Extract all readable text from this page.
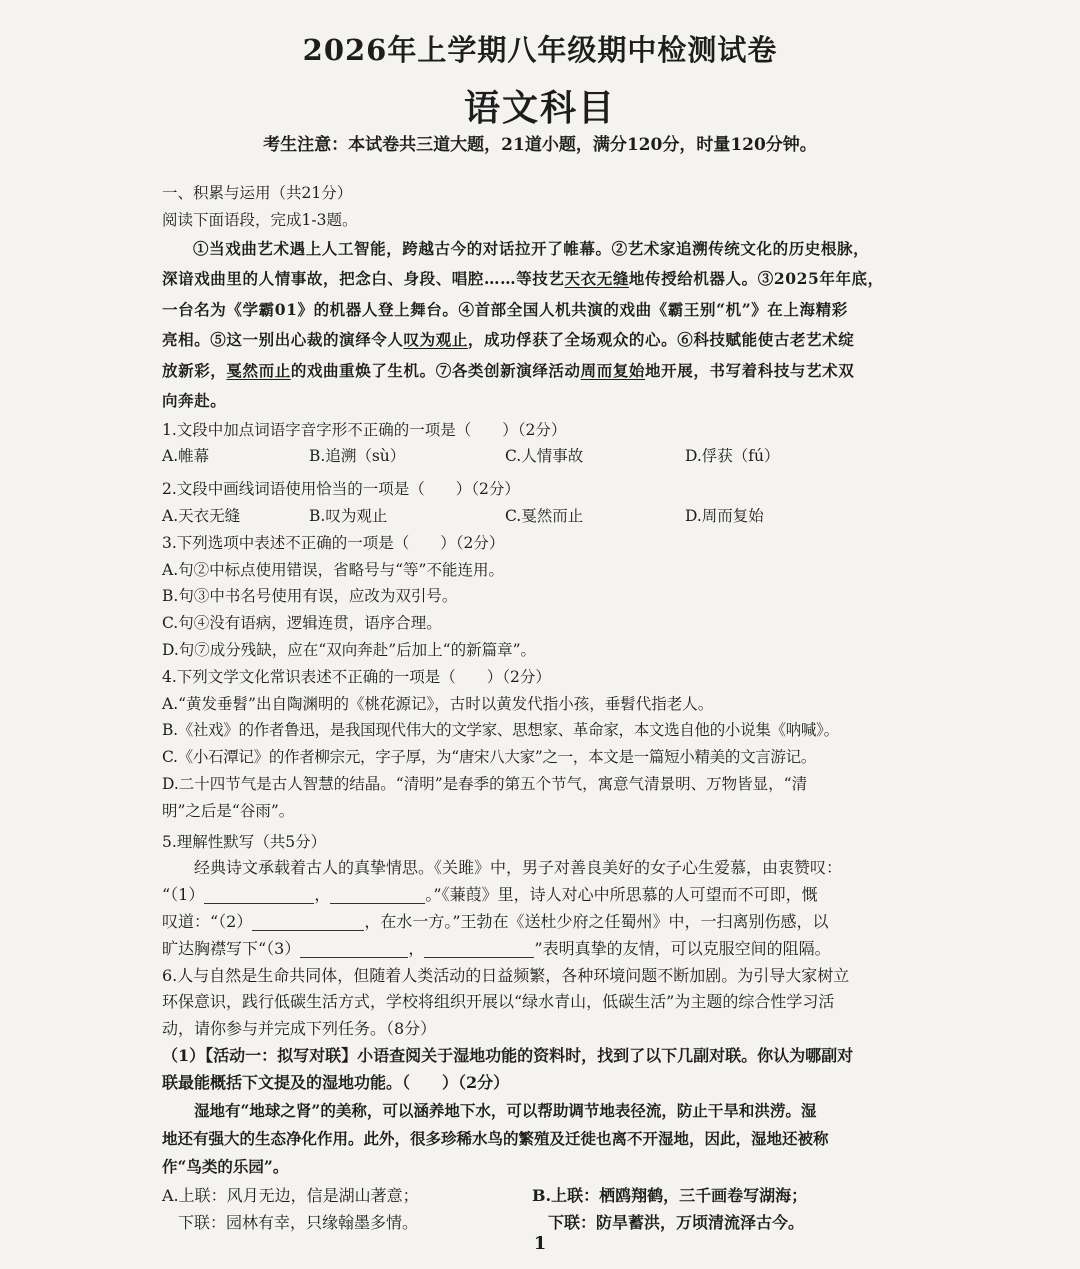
2026年上学期八年级期中检测试卷
语文科目
考生注意：本试卷共三道大题，21道小题，满分120分，时量120分钟。
一、积累与运用（共21分）
阅读下面语段，完成1-3题。
①当戏曲艺术遇上人工智能，跨越古今的对话拉开了帷幕。②艺术家追溯传统文化的历史根脉，
深谙戏曲里的人情事故，把念白、身段、唱腔……等技艺天衣无缝地传授给机器人。③2025年年底，
一台名为《学霸01》的机器人登上舞台。④首部全国人机共演的戏曲《霸王别“机”》在上海精彩
亮相。⑤这一别出心裁的演绎令人叹为观止，成功俘获了全场观众的心。⑥科技赋能使古老艺术绽
放新彩，戛然而止的戏曲重焕了生机。⑦各类创新演绎活动周而复始地开展，书写着科技与艺术双
向奔赴。
1.文段中加点词语字音字形不正确的一项是（　　）（2分）
A.帷幕	B.追溯（sù）	C.人情事故	D.俘获（fú）
2.文段中画线词语使用恰当的一项是（　　）（2分）
A.天衣无缝	B.叹为观止	C.戛然而止	D.周而复始
3.下列选项中表述不正确的一项是（　　）（2分）
A.句②中标点使用错误，省略号与“等”不能连用。
B.句③中书名号使用有误，应改为双引号。
C.句④没有语病，逻辑连贯，语序合理。
D.句⑦成分残缺，应在“双向奔赴”后加上“的新篇章”。
4.下列文学文化常识表述不正确的一项是（　　）（2分）
A.“黄发垂髫”出自陶渊明的《桃花源记》，古时以黄发代指小孩，垂髫代指老人。
B.《社戏》的作者鲁迅，是我国现代伟大的文学家、思想家、革命家，本文选自他的小说集《呐喊》。
C.《小石潭记》的作者柳宗元，字子厚，为“唐宋八大家”之一，本文是一篇短小精美的文言游记。
D.二十四节气是古人智慧的结晶。“清明”是春季的第五个节气，寓意气清景明、万物皆显，“清
明”之后是“谷雨”。
5.理解性默写（共5分）
经典诗文承载着古人的真挚情思。《关雎》中，男子对善良美好的女子心生爱慕，由衷赞叹：
“（1）	，	。”《蒹葭》里，诗人对心中所思慕的人可望而不可即，慨
叹道：“（2）	，在水一方。”王勃在《送杜少府之任蜀州》中，一扫离别伤感，以
旷达胸襟写下“（3）	，	”表明真挚的友情，可以克服空间的阻隔。
6.人与自然是生命共同体，但随着人类活动的日益频繁，各种环境问题不断加剧。为引导大家树立
环保意识，践行低碳生活方式，学校将组织开展以“绿水青山，低碳生活”为主题的综合性学习活
动，请你参与并完成下列任务。（8分）
（1）【活动一：拟写对联】小语查阅关于湿地功能的资料时，找到了以下几副对联。你认为哪副对
联最能概括下文提及的湿地功能。（　　）（2分）
湿地有“地球之肾”的美称，可以涵养地下水，可以帮助调节地表径流，防止干旱和洪涝。湿
地还有强大的生态净化作用。此外，很多珍稀水鸟的繁殖及迁徙也离不开湿地，因此，湿地还被称
作“鸟类的乐园”。
A.上联：风月无边，信是湖山著意；	B.上联：栖鸥翔鹤，三千画卷写湖海；
下联：园林有幸，只缘翰墨多情。	下联：防旱蓄洪，万顷清流泽古今。
1
